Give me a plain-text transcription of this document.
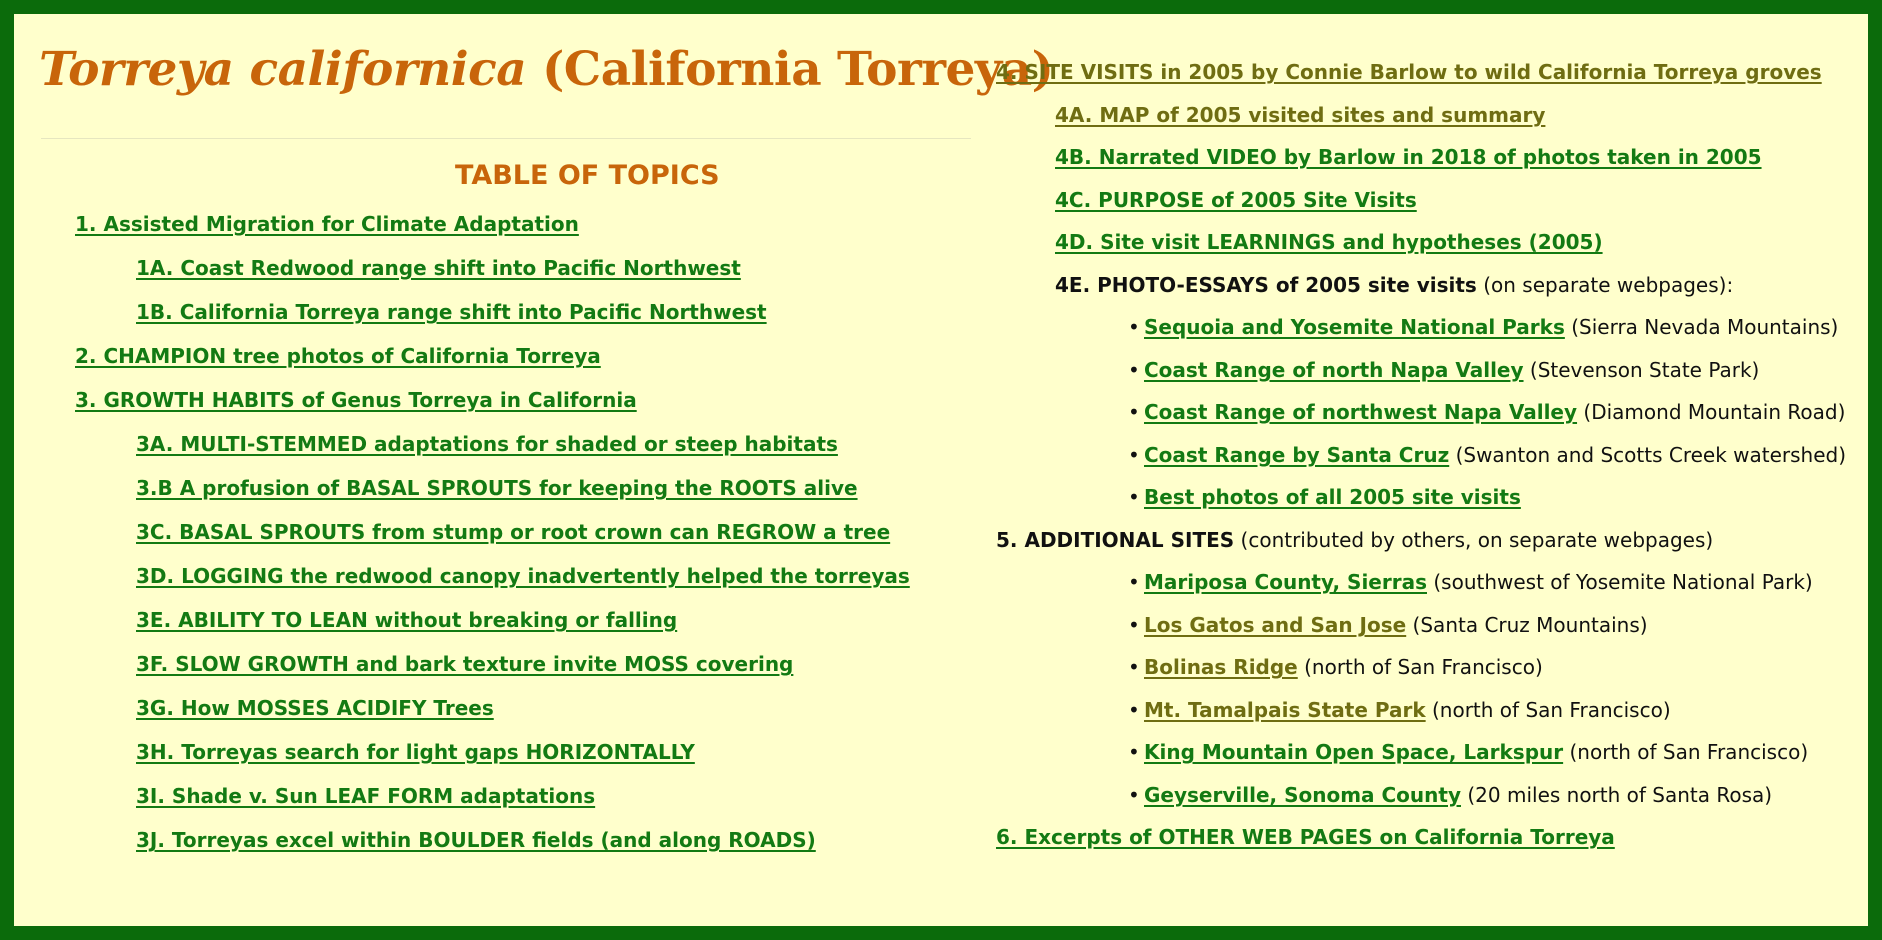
Torreya californica (California Torreya)
TABLE OF TOPICS
1. Assisted Migration for Climate Adaptation
1A. Coast Redwood range shift into Pacific Northwest
1B. California Torreya range shift into Pacific Northwest
2. CHAMPION tree photos of California Torreya
3. GROWTH HABITS of Genus Torreya in California
3A. MULTI-STEMMED adaptations for shaded or steep habitats
3.B A profusion of BASAL SPROUTS for keeping the ROOTS alive
3C. BASAL SPROUTS from stump or root crown can REGROW a tree
3D. LOGGING the redwood canopy inadvertently helped the torreyas
3E. ABILITY TO LEAN without breaking or falling
3F. SLOW GROWTH and bark texture invite MOSS covering
3G. How MOSSES ACIDIFY Trees
3H. Torreyas search for light gaps HORIZONTALLY
3I. Shade v. Sun LEAF FORM adaptations
3J. Torreyas excel within BOULDER fields (and along ROADS)
4. SITE VISITS in 2005 by Connie Barlow to wild California Torreya groves
4A. MAP of 2005 visited sites and summary
4B. Narrated VIDEO by Barlow in 2018 of photos taken in 2005
4C. PURPOSE of 2005 Site Visits
4D. Site visit LEARNINGS and hypotheses (2005)
4E. PHOTO-ESSAYS of 2005 site visits (on separate webpages):
• Sequoia and Yosemite National Parks (Sierra Nevada Mountains)
• Coast Range of north Napa Valley (Stevenson State Park)
• Coast Range of northwest Napa Valley (Diamond Mountain Road)
• Coast Range by Santa Cruz (Swanton and Scotts Creek watershed)
• Best photos of all 2005 site visits
5. ADDITIONAL SITES (contributed by others, on separate webpages)
• Mariposa County, Sierras (southwest of Yosemite National Park)
• Los Gatos and San Jose (Santa Cruz Mountains)
• Bolinas Ridge (north of San Francisco)
• Mt. Tamalpais State Park (north of San Francisco)
• King Mountain Open Space, Larkspur (north of San Francisco)
• Geyserville, Sonoma County (20 miles north of Santa Rosa)
6. Excerpts of OTHER WEB PAGES on California Torreya
